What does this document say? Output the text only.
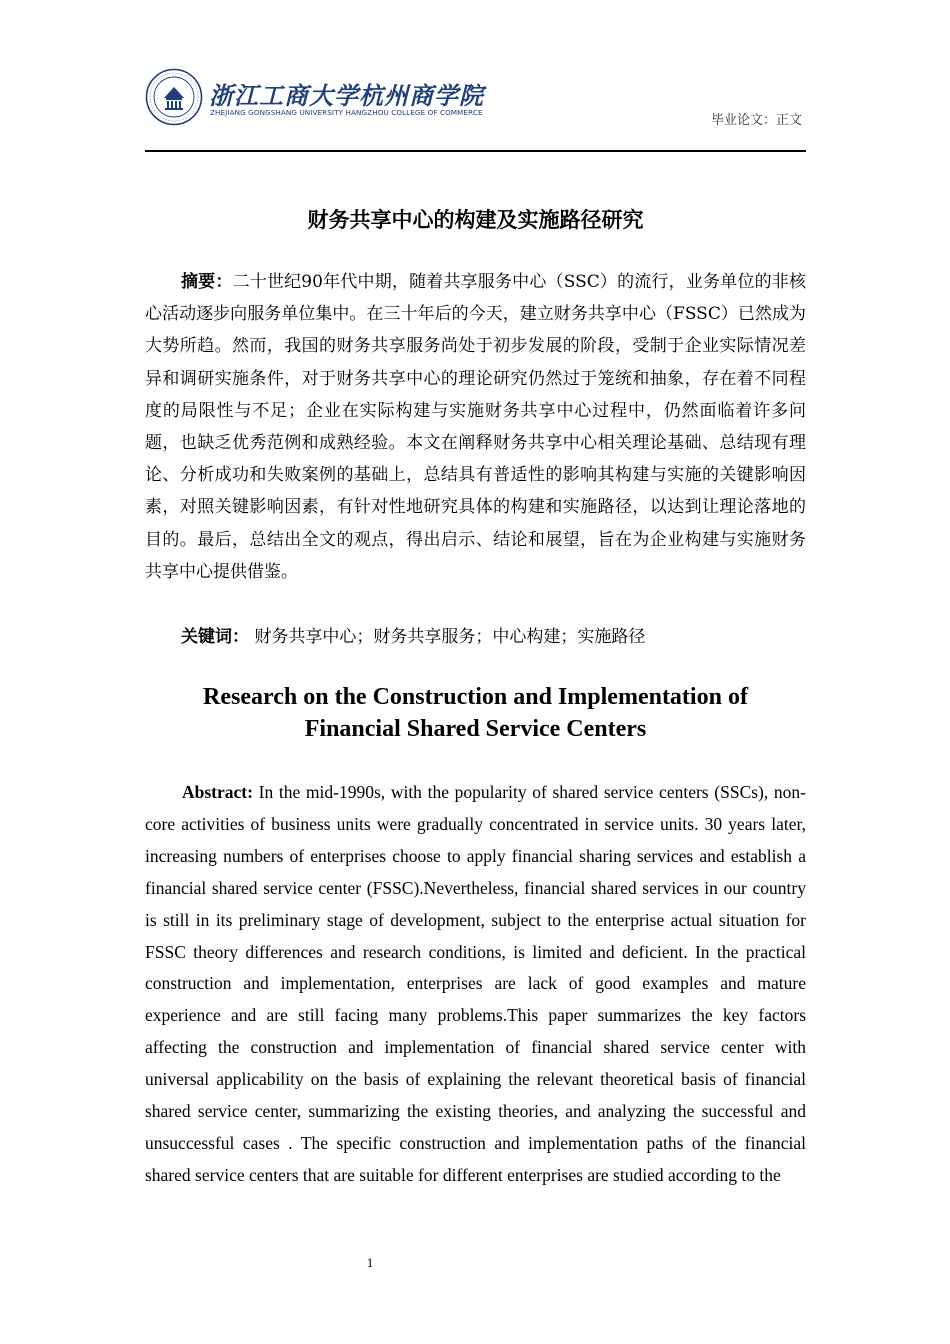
浙江工商大学杭州商学院
ZHEJIANG GONGSHANG UNIVERSITY HANGZHOU COLLEGE OF COMMERCE
毕业论文：正文
财务共享中心的构建及实施路径研究
摘要：二十世纪90年代中期，随着共享服务中心（SSC）的流行，业务单位的非核心活动逐步向服务单位集中。在三十年后的今天，建立财务共享中心（FSSC）已然成为大势所趋。然而，我国的财务共享服务尚处于初步发展的阶段，受制于企业实际情况差异和调研实施条件，对于财务共享中心的理论研究仍然过于笼统和抽象，存在着不同程度的局限性与不足；企业在实际构建与实施财务共享中心过程中，仍然面临着许多问题，也缺乏优秀范例和成熟经验。本文在阐释财务共享中心相关理论基础、总结现有理论、分析成功和失败案例的基础上，总结具有普适性的影响其构建与实施的关键影响因素，对照关键影响因素，有针对性地研究具体的构建和实施路径，以达到让理论落地的目的。最后，总结出全文的观点，得出启示、结论和展望，旨在为企业构建与实施财务共享中心提供借鉴。
关键词： 财务共享中心；财务共享服务；中心构建；实施路径
Research on the Construction and Implementation of
Financial Shared Service Centers
Abstract: In the mid-1990s, with the popularity of shared service centers (SSCs), non-core activities of business units were gradually concentrated in service units. 30 years later, increasing numbers of enterprises choose to apply financial sharing services and establish a financial shared service center (FSSC).Nevertheless, financial shared services in our country is still in its preliminary stage of development, subject to the enterprise actual situation for FSSC theory differences and research conditions, is limited and deficient. In the practical construction and implementation, enterprises are lack of good examples and mature experience and are still facing many problems.This paper summarizes the key factors affecting the construction and implementation of financial shared service center with universal applicability on the basis of explaining the relevant theoretical basis of financial shared service center, summarizing the existing theories, and analyzing the successful and unsuccessful cases . The specific construction and implementation paths of the financial shared service centers that are suitable for different enterprises are studied according to the
1
